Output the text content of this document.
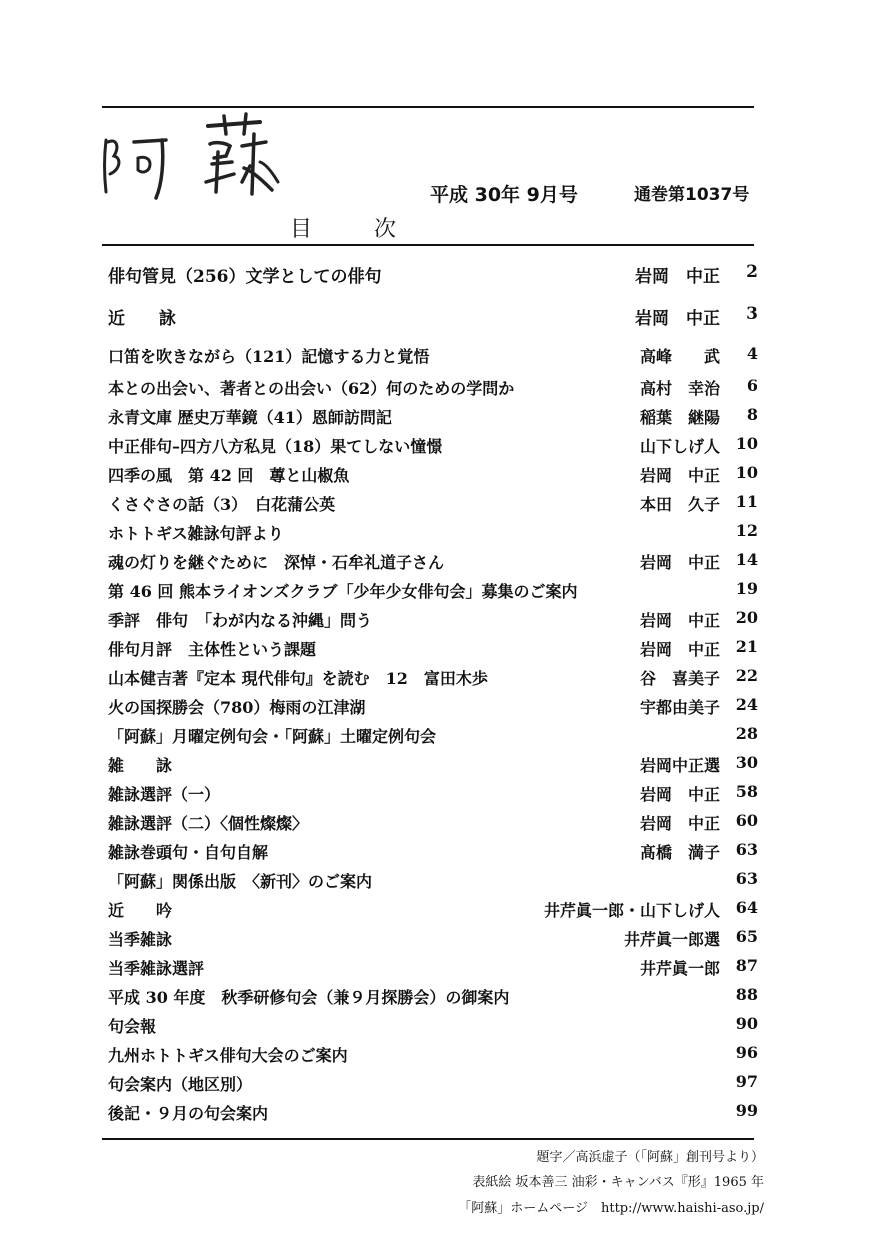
平成 30年 9月号	通巻第1037号
目　次
俳句管見（256）文学としての俳句	岩岡　中正	2
近　　詠	岩岡　中正	3
口笛を吹きながら（121）記憶する力と覚悟	高峰　　武	4
本との出会い、著者との出会い（62）何のための学問か	高村　幸治	6
永青文庫 歴史万華鏡（41）恩師訪問記	稲葉　継陽	8
中正俳句–四方八方私見（18）果てしない憧憬	山下しげ人 10
四季の風　第 42 回　蓴と山椒魚	岩岡　中正 10
くさぐさの話（3）　白花蒲公英	本田　久子 11
ホトトギス雑詠句評より	12
魂の灯りを継ぐために　深悼・石牟礼道子さん	岩岡　中正 14
第 46 回 熊本ライオンズクラブ「少年少女俳句会」募集のご案内	19
季評　俳句　「わが内なる沖縄」問う	岩岡　中正 20
俳句月評　主体性という課題	岩岡　中正 21
山本健吉著『定本 現代俳句』を読む　12　富田木歩	谷　喜美子 22
火の国探勝会（780）梅雨の江津湖	宇都由美子 24
「阿蘇」月曜定例句会・「阿蘇」土曜定例句会	28
雑　　詠	岩岡中正選 30
雑詠選評（一）	岩岡　中正 58
雑詠選評（二）〈個性燦燦〉	岩岡　中正 60
雑詠巻頭句・自句自解	髙橋　満子 63
「阿蘇」関係出版　〈新刊〉のご案内	63
近　　吟	井芹眞一郎・山下しげ人 64
当季雑詠	井芹眞一郎選 65
当季雑詠選評	井芹眞一郎 87
平成 30 年度　秋季研修句会（兼９月探勝会）の御案内	88
句会報	90
九州ホトトギス俳句大会のご案内	96
句会案内（地区別）	97
後記・９月の句会案内	99
題字／高浜虚子（「阿蘇」創刊号より）
表紙絵 坂本善三 油彩・キャンバス『形』1965 年
「阿蘇」ホームページ　http://www.haishi-aso.jp/
